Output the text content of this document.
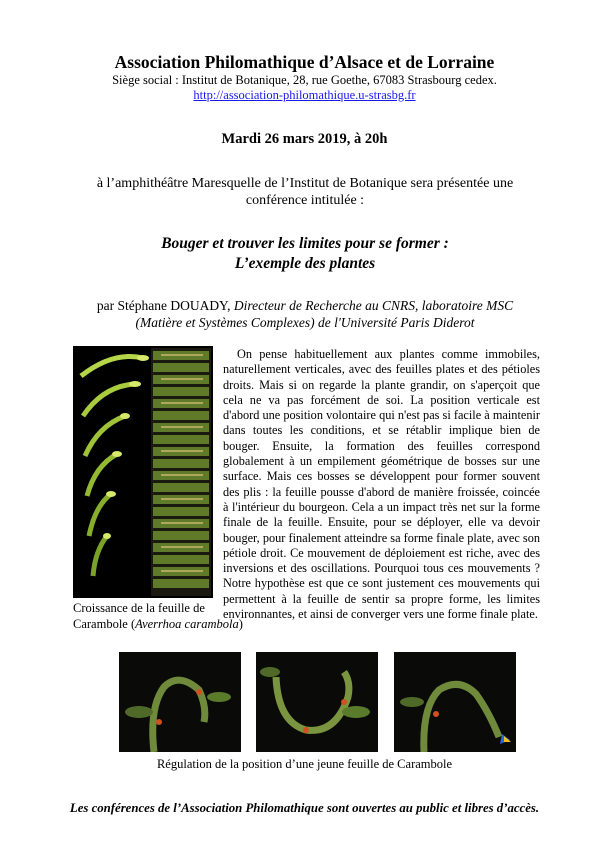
Association Philomathique d’Alsace et de Lorraine
Siège social : Institut de Botanique, 28, rue Goethe, 67083 Strasbourg cedex.
http://association-philomathique.u-strasbg.fr
Mardi 26 mars 2019, à 20h
à l’amphithéâtre Maresquelle de l’Institut de Botanique sera présentée une
conférence intitulée :
Bouger et trouver les limites pour se former :
L’exemple des plantes
par Stéphane DOUADY, Directeur de Recherche au CNRS, laboratoire MSC
(Matière et Systèmes Complexes) de l'Université Paris Diderot
Croissance de la feuille de
Carambole (Averrhoa carambola)
On pense habituellement aux plantes comme immobiles, naturellement verticales, avec des feuilles plates et des pétioles droits. Mais si on regarde la plante grandir, on s'aperçoit que cela ne va pas forcément de soi. La position verticale est d'abord une position volontaire qui n'est pas si facile à maintenir dans toutes les conditions, et se rétablir implique bien de bouger. Ensuite, la formation des feuilles correspond globalement à un empilement géométrique de bosses sur une surface. Mais ces bosses se développent pour former souvent des plis : la feuille pousse d'abord de manière froissée, coincée à l'intérieur du bourgeon. Cela a un impact très net sur la forme finale de la feuille. Ensuite, pour se déployer, elle va devoir bouger, pour finalement atteindre sa forme finale plate, avec son pétiole droit. Ce mouvement de déploiement est riche, avec des inversions et des oscillations. Pourquoi tous ces mouvements ? Notre hypothèse est que ce sont justement ces mouvements qui permettent à la feuille de sentir sa propre forme, les limites environnantes, et ainsi de converger vers une forme finale plate.
Régulation de la position d’une jeune feuille de Carambole
Les conférences de l’Association Philomathique sont ouvertes au public et libres d’accès.
